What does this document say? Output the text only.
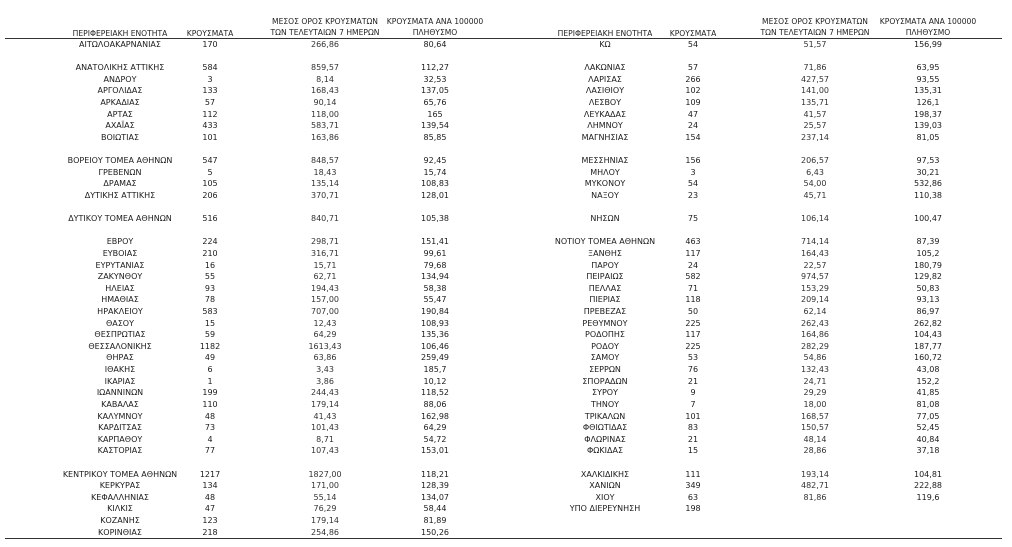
ΠΕΡΙΦΕΡΕΙΑΚΗ ΕΝΟΤΗΤΑ	ΚΡΟΥΣΜΑΤΑ
ΜΕΣΟΣ ΟΡΟΣ ΚΡΟΥΣΜΑΤΩΝ
ΤΩΝ ΤΕΛΕΥΤΑΙΩΝ 7 ΗΜΕΡΩΝ
ΚΡΟΥΣΜΑΤΑ ΑΝΑ 100000
ΠΛΗΘΥΣΜΟ
ΑΙΤΩΛΟΑΚΑΡΝΑΝΙΑΣ	170	266,86	80,64
ΑΝΑΤΟΛΙΚΗΣ ΑΤΤΙΚΗΣ	584	859,57	112,27
ΑΝΔΡΟΥ	3	8,14	32,53
ΑΡΓΟΛΙΔΑΣ	133	168,43	137,05
ΑΡΚΑΔΙΑΣ	57	90,14	65,76
ΑΡΤΑΣ	112	118,00	165
ΑΧΑΪΑΣ	433	583,71	139,54
ΒΟΙΩΤΙΑΣ	101	163,86	85,85
ΒΟΡΕΙΟΥ ΤΟΜΕΑ ΑΘΗΝΩΝ	547	848,57	92,45
ΓΡΕΒΕΝΩΝ	5	18,43	15,74
ΔΡΑΜΑΣ	105	135,14	108,83
ΔΥΤΙΚΗΣ ΑΤΤΙΚΗΣ	206	370,71	128,01
ΔΥΤΙΚΟΥ ΤΟΜΕΑ ΑΘΗΝΩΝ	516	840,71	105,38
ΕΒΡΟΥ	224	298,71	151,41
ΕΥΒΟΙΑΣ	210	316,71	99,61
ΕΥΡΥΤΑΝΙΑΣ	16	15,71	79,68
ΖΑΚΥΝΘΟΥ	55	62,71	134,94
ΗΛΕΙΑΣ	93	194,43	58,38
ΗΜΑΘΙΑΣ	78	157,00	55,47
ΗΡΑΚΛΕΙΟΥ	583	707,00	190,84
ΘΑΣΟΥ	15	12,43	108,93
ΘΕΣΠΡΩΤΙΑΣ	59	64,29	135,36
ΘΕΣΣΑΛΟΝΙΚΗΣ	1182	1613,43	106,46
ΘΗΡΑΣ	49	63,86	259,49
ΙΘΑΚΗΣ	6	3,43	185,7
ΙΚΑΡΙΑΣ	1	3,86	10,12
ΙΩΑΝΝΙΝΩΝ	199	244,43	118,52
ΚΑΒΑΛΑΣ	110	179,14	88,06
ΚΑΛΥΜΝΟΥ	48	41,43	162,98
ΚΑΡΔΙΤΣΑΣ	73	101,43	64,29
ΚΑΡΠΑΘΟΥ	4	8,71	54,72
ΚΑΣΤΟΡΙΑΣ	77	107,43	153,01
ΚΕΝΤΡΙΚΟΥ ΤΟΜΕΑ ΑΘΗΝΩΝ	1217	1827,00	118,21
ΚΕΡΚΥΡΑΣ	134	171,00	128,39
ΚΕΦΑΛΛΗΝΙΑΣ	48	55,14	134,07
ΚΙΛΚΙΣ	47	76,29	58,44
ΚΟΖΑΝΗΣ	123	179,14	81,89
ΚΟΡΙΝΘΙΑΣ	218	254,86	150,26
ΠΕΡΙΦΕΡΕΙΑΚΗ ΕΝΟΤΗΤΑ	ΚΡΟΥΣΜΑΤΑ
ΜΕΣΟΣ ΟΡΟΣ ΚΡΟΥΣΜΑΤΩΝ
ΤΩΝ ΤΕΛΕΥΤΑΙΩΝ 7 ΗΜΕΡΩΝ
ΚΡΟΥΣΜΑΤΑ ΑΝΑ 100000
ΠΛΗΘΥΣΜΟ
ΚΩ	54	51,57	156,99
ΛΑΚΩΝΙΑΣ	57	71,86	63,95
ΛΑΡΙΣΑΣ	266	427,57	93,55
ΛΑΣΙΘΙΟΥ	102	141,00	135,31
ΛΕΣΒΟΥ	109	135,71	126,1
ΛΕΥΚΑΔΑΣ	47	41,57	198,37
ΛΗΜΝΟΥ	24	25,57	139,03
ΜΑΓΝΗΣΙΑΣ	154	237,14	81,05
ΜΕΣΣΗΝΙΑΣ	156	206,57	97,53
ΜΗΛΟΥ	3	6,43	30,21
ΜΥΚΟΝΟΥ	54	54,00	532,86
ΝΑΞΟΥ	23	45,71	110,38
ΝΗΣΩΝ	75	106,14	100,47
ΝΟΤΙΟΥ ΤΟΜΕΑ ΑΘΗΝΩΝ	463	714,14	87,39
ΞΑΝΘΗΣ	117	164,43	105,2
ΠΑΡΟΥ	24	22,57	180,79
ΠΕΙΡΑΙΩΣ	582	974,57	129,82
ΠΕΛΛΑΣ	71	153,29	50,83
ΠΙΕΡΙΑΣ	118	209,14	93,13
ΠΡΕΒΕΖΑΣ	50	62,14	86,97
ΡΕΘΥΜΝΟΥ	225	262,43	262,82
ΡΟΔΟΠΗΣ	117	164,86	104,43
ΡΟΔΟΥ	225	282,29	187,77
ΣΑΜΟΥ	53	54,86	160,72
ΣΕΡΡΩΝ	76	132,43	43,08
ΣΠΟΡΑΔΩΝ	21	24,71	152,2
ΣΥΡΟΥ	9	29,29	41,85
ΤΗΝΟΥ	7	18,00	81,08
ΤΡΙΚΑΛΩΝ	101	168,57	77,05
ΦΘΙΩΤΙΔΑΣ	83	150,57	52,45
ΦΛΩΡΙΝΑΣ	21	48,14	40,84
ΦΩΚΙΔΑΣ	15	28,86	37,18
ΧΑΛΚΙΔΙΚΗΣ	111	193,14	104,81
ΧΑΝΙΩΝ	349	482,71	222,88
ΧΙΟΥ	63	81,86	119,6
ΥΠΟ ΔΙΕΡΕΥΝΗΣΗ	198
